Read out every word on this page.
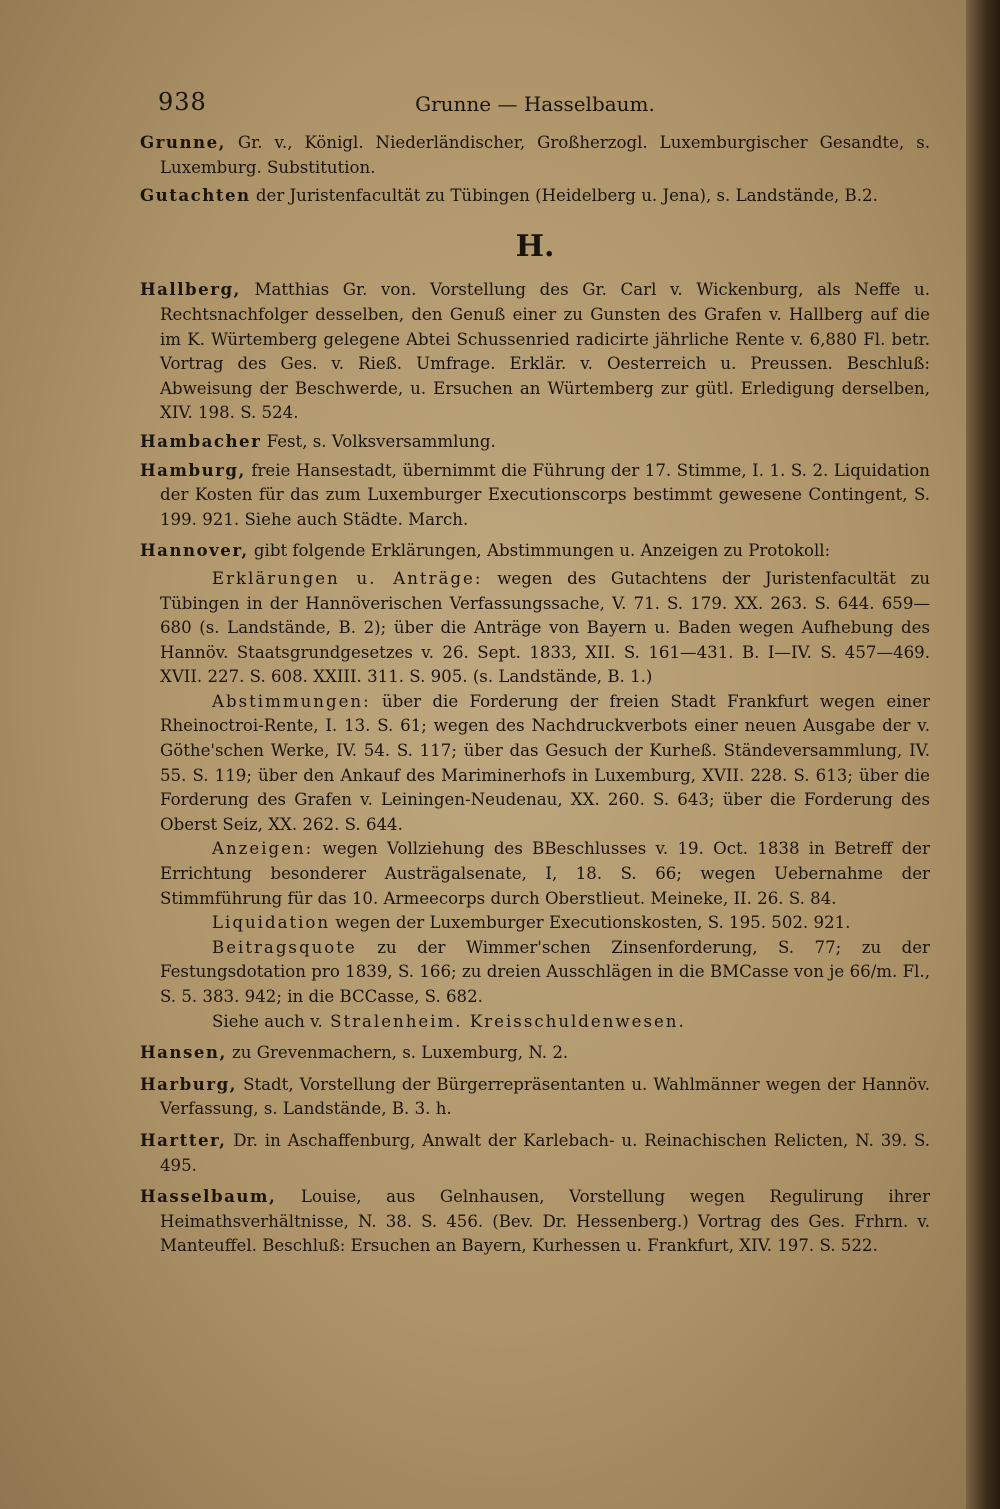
938	Grunne — Hasselbaum.

Grunne, Gr. v., Königl. Niederländischer, Großherzogl. Luxemburgischer Gesandte, s. Luxemburg. Substitution.

Gutachten der Juristenfacultät zu Tübingen (Heidelberg u. Jena), s. Landstände, B.2.

H.

Hallberg, Matthias Gr. von. Vorstellung des Gr. Carl v. Wickenburg, als Neffe u. Rechtsnachfolger desselben, den Genuß einer zu Gunsten des Grafen v. Hallberg auf die im K. Würtemberg gelegene Abtei Schussenried radicirte jährliche Rente v. 6,880 Fl. betr. Vortrag des Ges. v. Rieß. Umfrage. Erklär. v. Oesterreich u. Preussen. Beschluß: Abweisung der Beschwerde, u. Ersuchen an Würtemberg zur gütl. Erledigung derselben, XIV. 198. S. 524.

Hambacher Fest, s. Volksversammlung.

Hamburg, freie Hansestadt, übernimmt die Führung der 17. Stimme, I. 1. S. 2. Liquidation der Kosten für das zum Luxemburger Executionscorps bestimmt gewesene Contingent, S. 199. 921. Siehe auch Städte. March.

Hannover, gibt folgende Erklärungen, Abstimmungen u. Anzeigen zu Protokoll:

Erklärungen u. Anträge: wegen des Gutachtens der Juristenfacultät zu Tübingen in der Hannöverischen Verfassungssache, V. 71. S. 179. XX. 263. S. 644. 659—680 (s. Landstände, B. 2); über die Anträge von Bayern u. Baden wegen Aufhebung des Hannöv. Staatsgrundgesetzes v. 26. Sept. 1833, XII. S. 161—431. B. I—IV. S. 457—469. XVII. 227. S. 608. XXIII. 311. S. 905. (s. Landstände, B. 1.)

Abstimmungen: über die Forderung der freien Stadt Frankfurt wegen einer Rheinoctroi-Rente, I. 13. S. 61; wegen des Nachdruckverbots einer neuen Ausgabe der v. Göthe'schen Werke, IV. 54. S. 117; über das Gesuch der Kurheß. Ständeversammlung, IV. 55. S. 119; über den Ankauf des Mariminerhofs in Luxemburg, XVII. 228. S. 613; über die Forderung des Grafen v. Leiningen-Neudenau, XX. 260. S. 643; über die Forderung des Oberst Seiz, XX. 262. S. 644.

Anzeigen: wegen Vollziehung des BBeschlusses v. 19. Oct. 1838 in Betreff der Errichtung besonderer Austrägalsenate, I, 18. S. 66; wegen Uebernahme der Stimmführung für das 10. Armeecorps durch Oberstlieut. Meineke, II. 26. S. 84.

Liquidation wegen der Luxemburger Executionskosten, S. 195. 502. 921.

Beitragsquote zu der Wimmer'schen Zinsenforderung, S. 77; zu der Festungsdotation pro 1839, S. 166; zu dreien Ausschlägen in die BMCasse von je 66/m. Fl., S. 5. 383. 942; in die BCCasse, S. 682.

Siehe auch v. Stralenheim. Kreisschuldenwesen.

Hansen, zu Grevenmachern, s. Luxemburg, N. 2.

Harburg, Stadt, Vorstellung der Bürgerrepräsentanten u. Wahlmänner wegen der Hannöv. Verfassung, s. Landstände, B. 3. h.

Hartter, Dr. in Aschaffenburg, Anwalt der Karlebach- u. Reinachischen Relicten, N. 39. S. 495.

Hasselbaum, Louise, aus Gelnhausen, Vorstellung wegen Regulirung ihrer Heimathsverhältnisse, N. 38. S. 456. (Bev. Dr. Hessenberg.) Vortrag des Ges. Frhrn. v. Manteuffel. Beschluß: Ersuchen an Bayern, Kurhessen u. Frankfurt, XIV. 197. S. 522.
